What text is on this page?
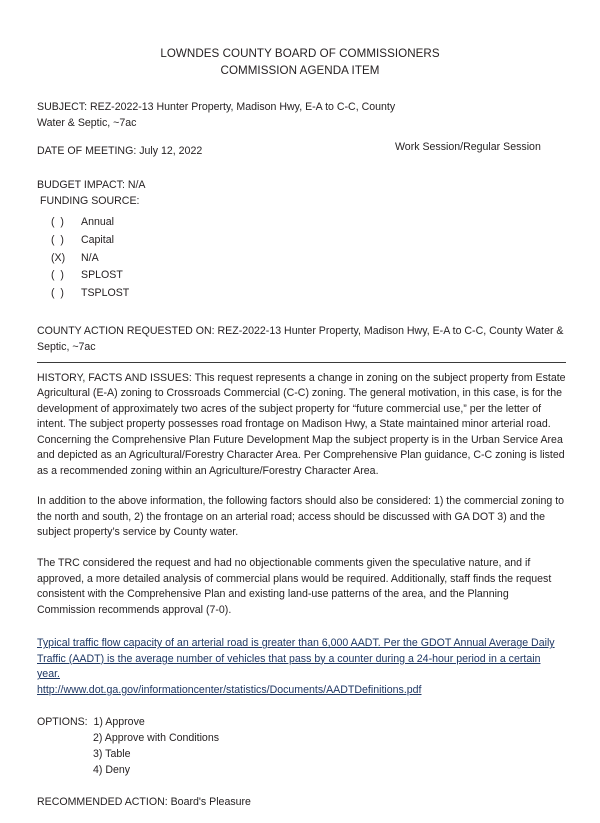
LOWNDES COUNTY BOARD OF COMMISSIONERS
COMMISSION AGENDA ITEM
SUBJECT: REZ-2022-13 Hunter Property, Madison Hwy, E-A to C-C, County Water & Septic, ~7ac
DATE OF MEETING: July 12, 2022	Work Session/Regular Session
BUDGET IMPACT: N/A
FUNDING SOURCE:
(  )	Annual
(  )	Capital
(X)	N/A
(  )	SPLOST
(  )	TSPLOST
COUNTY ACTION REQUESTED ON: REZ-2022-13 Hunter Property, Madison Hwy, E-A to C-C, County Water & Septic, ~7ac
HISTORY, FACTS AND ISSUES: This request represents a change in zoning on the subject property from Estate Agricultural (E-A) zoning to Crossroads Commercial (C-C) zoning. The general motivation, in this case, is for the development of approximately two acres of the subject property for “future commercial use,” per the letter of intent. The subject property possesses road frontage on Madison Hwy, a State maintained minor arterial road. Concerning the Comprehensive Plan Future Development Map the subject property is in the Urban Service Area and depicted as an Agricultural/Forestry Character Area. Per Comprehensive Plan guidance, C-C zoning is listed as a recommended zoning within an Agriculture/Forestry Character Area.
In addition to the above information, the following factors should also be considered: 1) the commercial zoning to the north and south, 2) the frontage on an arterial road; access should be discussed with GA DOT 3) and the subject property’s service by County water.
The TRC considered the request and had no objectionable comments given the speculative nature, and if approved, a more detailed analysis of commercial plans would be required. Additionally, staff finds the request consistent with the Comprehensive Plan and existing land-use patterns of the area, and the Planning Commission recommends approval (7-0).
Typical traffic flow capacity of an arterial road is greater than 6,000 AADT. Per the GDOT Annual Average Daily Traffic (AADT) is the average number of vehicles that pass by a counter during a 24-hour period in a certain year.
http://www.dot.ga.gov/informationcenter/statistics/Documents/AADTDefinitions.pdf
OPTIONS: 1) Approve
2) Approve with Conditions
3) Table
4) Deny
RECOMMENDED ACTION: Board's Pleasure
